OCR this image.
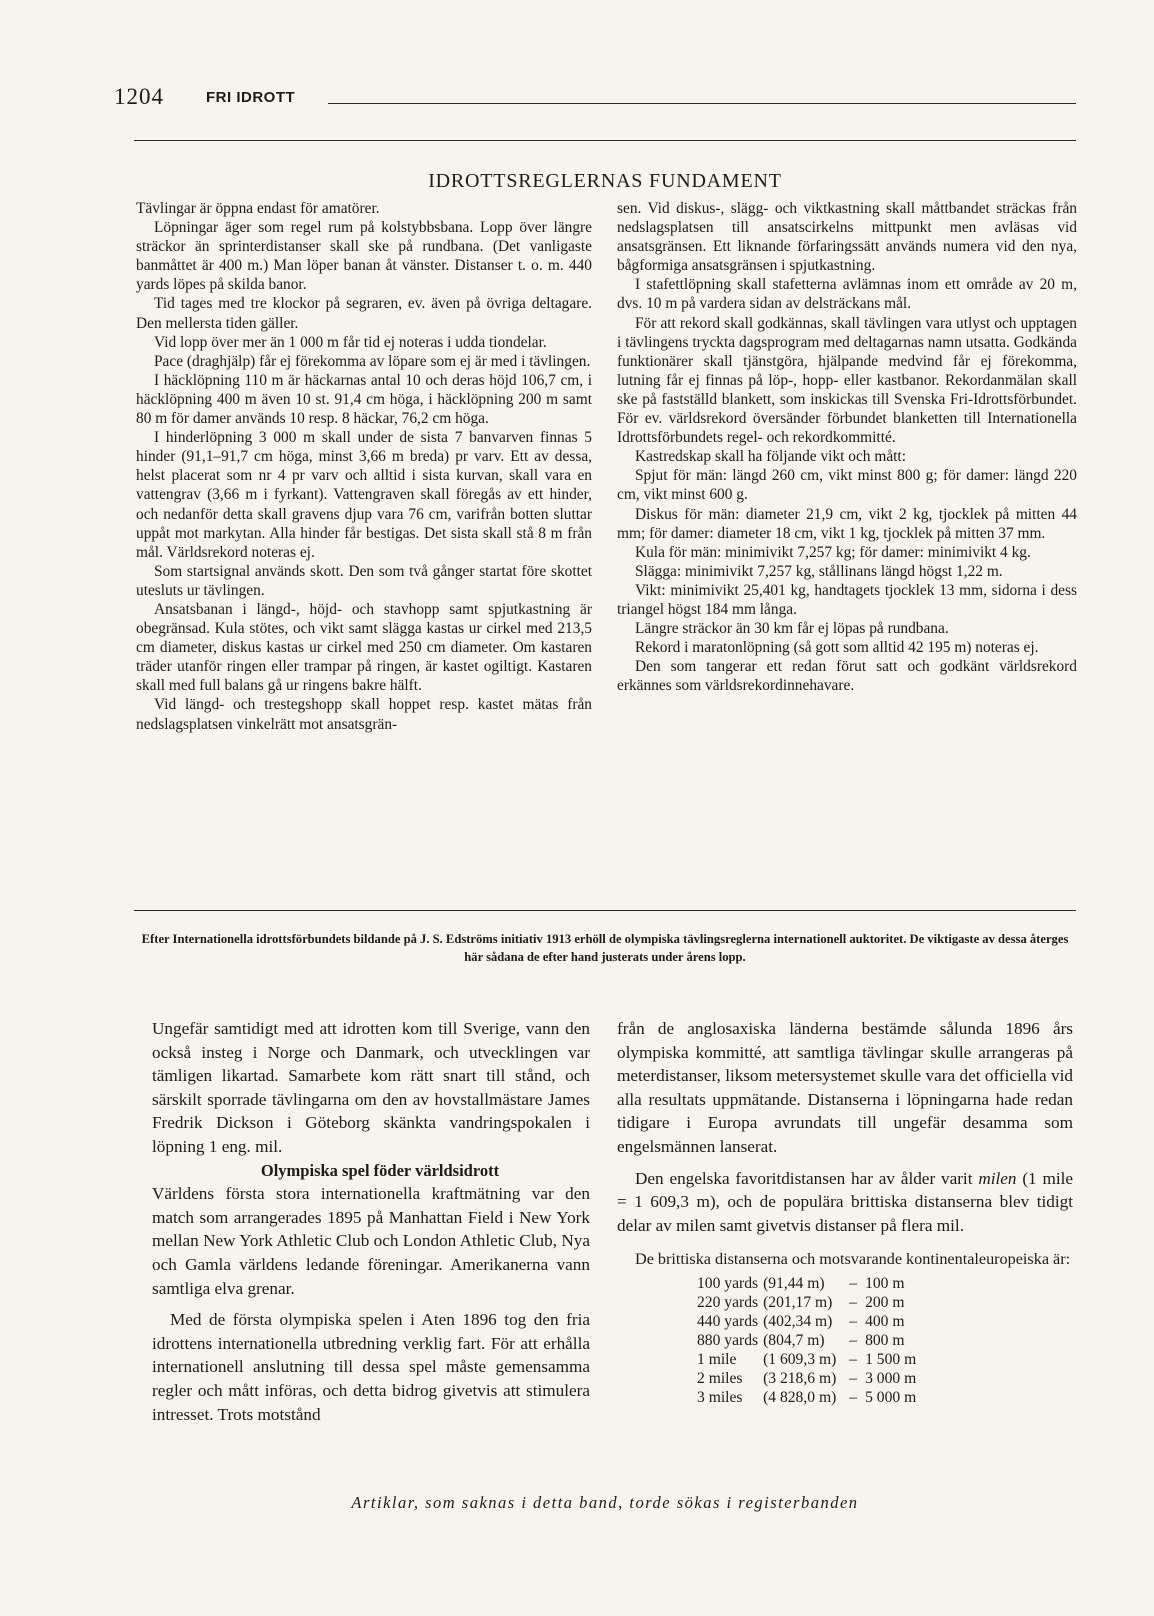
1204	FRI IDROTT
IDROTTSREGLERNAS FUNDAMENT

Tävlingar är öppna endast för amatörer.

Löpningar äger som regel rum på kolstybbsbana. Lopp över längre sträckor än sprinterdistanser skall ske på rundbana. (Det vanligaste banmåttet är 400 m.) Man löper banan åt vänster. Distanser t. o. m. 440 yards löpes på skilda banor.

Tid tages med tre klockor på segraren, ev. även på övriga deltagare. Den mellersta tiden gäller.

Vid lopp över mer än 1 000 m får tid ej noteras i udda tiondelar.

Pace (draghjälp) får ej förekomma av löpare som ej är med i tävlingen.

I häcklöpning 110 m är häckarnas antal 10 och deras höjd 106,7 cm, i häcklöpning 400 m även 10 st. 91,4 cm höga, i häcklöpning 200 m samt 80 m för damer används 10 resp. 8 häckar, 76,2 cm höga.

I hinderlöpning 3 000 m skall under de sista 7 banvarven finnas 5 hinder (91,1–91,7 cm höga, minst 3,66 m breda) pr varv. Ett av dessa, helst placerat som nr 4 pr varv och alltid i sista kurvan, skall vara en vattengrav (3,66 m i fyrkant). Vattengraven skall föregås av ett hinder, och nedanför detta skall gravens djup vara 76 cm, varifrån botten sluttar uppåt mot markytan. Alla hinder får bestigas. Det sista skall stå 8 m från mål. Världsrekord noteras ej.

Som startsignal används skott. Den som två gånger startat före skottet utesluts ur tävlingen.

Ansatsbanan i längd-, höjd- och stavhopp samt spjutkastning är obegränsad. Kula stötes, och vikt samt slägga kastas ur cirkel med 213,5 cm diameter, diskus kastas ur cirkel med 250 cm diameter. Om kastaren träder utanför ringen eller trampar på ringen, är kastet ogiltigt. Kastaren skall med full balans gå ur ringens bakre hälft.

Vid längd- och trestegshopp skall hoppet resp. kastet mätas från nedslagsplatsen vinkelrätt mot ansatsgrän-

sen. Vid diskus-, slägg- och viktkastning skall måttbandet sträckas från nedslagsplatsen till ansatscirkelns mittpunkt men avläsas vid ansatsgränsen. Ett liknande förfaringssätt används numera vid den nya, bågformiga ansatsgränsen i spjutkastning.

I stafettlöpning skall stafetterna avlämnas inom ett område av 20 m, dvs. 10 m på vardera sidan av delsträckans mål.

För att rekord skall godkännas, skall tävlingen vara utlyst och upptagen i tävlingens tryckta dagsprogram med deltagarnas namn utsatta. Godkända funktionärer skall tjänstgöra, hjälpande medvind får ej förekomma, lutning får ej finnas på löp-, hopp- eller kastbanor. Rekordanmälan skall ske på fastställd blankett, som inskickas till Svenska Fri-Idrottsförbundet. För ev. världsrekord översänder förbundet blanketten till Internationella Idrottsförbundets regel- och rekordkommitté.

Kastredskap skall ha följande vikt och mått:

Spjut för män: längd 260 cm, vikt minst 800 g; för damer: längd 220 cm, vikt minst 600 g.

Diskus för män: diameter 21,9 cm, vikt 2 kg, tjocklek på mitten 44 mm; för damer: diameter 18 cm, vikt 1 kg, tjocklek på mitten 37 mm.

Kula för män: minimivikt 7,257 kg; för damer: minimivikt 4 kg.

Slägga: minimivikt 7,257 kg, stållinans längd högst 1,22 m.

Vikt: minimivikt 25,401 kg, handtagets tjocklek 13 mm, sidorna i dess triangel högst 184 mm långa.

Längre sträckor än 30 km får ej löpas på rundbana.

Rekord i maratonlöpning (så gott som alltid 42 195 m) noteras ej.

Den som tangerar ett redan förut satt och godkänt världsrekord erkännes som världsrekordinnehavare.

Efter Internationella idrottsförbundets bildande på J. S. Edströms initiativ 1913 erhöll de olympiska tävlingsreglerna internationell auktoritet. De viktigaste av dessa återges här sådana de efter hand justerats under årens lopp.

Ungefär samtidigt med att idrotten kom till Sverige, vann den också insteg i Norge och Danmark, och utvecklingen var tämligen likartad. Samarbete kom rätt snart till stånd, och särskilt sporrade tävlingarna om den av hovstallmästare James Fredrik Dickson i Göteborg skänkta vandringspokalen i löpning 1 eng. mil.

Olympiska spel föder världsidrott

Världens första stora internationella kraftmätning var den match som arrangerades 1895 på Manhattan Field i New York mellan New York Athletic Club och London Athletic Club, Nya och Gamla världens ledande föreningar. Amerikanerna vann samtliga elva grenar.

Med de första olympiska spelen i Aten 1896 tog den fria idrottens internationella utbredning verklig fart. För att erhålla internationell anslutning till dessa spel måste gemensamma regler och mått införas, och detta bidrog givetvis att stimulera intresset. Trots motstånd

från de anglosaxiska länderna bestämde sålunda 1896 års olympiska kommitté, att samtliga tävlingar skulle arrangeras på meterdistanser, liksom metersystemet skulle vara det officiella vid alla resultats uppmätande. Distanserna i löpningarna hade redan tidigare i Europa avrundats till ungefär desamma som engelsmännen lanserat.

Den engelska favoritdistansen har av ålder varit milen (1 mile = 1 609,3 m), och de populära brittiska distanserna blev tidigt delar av milen samt givetvis distanser på flera mil.

De brittiska distanserna och motsvarande kontinentaleuropeiska är:

100 yards	(91,44 m)	–	100 m
220 yards	(201,17 m)	–	200 m
440 yards	(402,34 m)	–	400 m
880 yards	(804,7 m)	–	800 m
1 mile	(1 609,3 m)	–	1 500 m
2 miles	(3 218,6 m)	–	3 000 m
3 miles	(4 828,0 m)	–	5 000 m
Artiklar, som saknas i detta band, torde sökas i registerbanden
